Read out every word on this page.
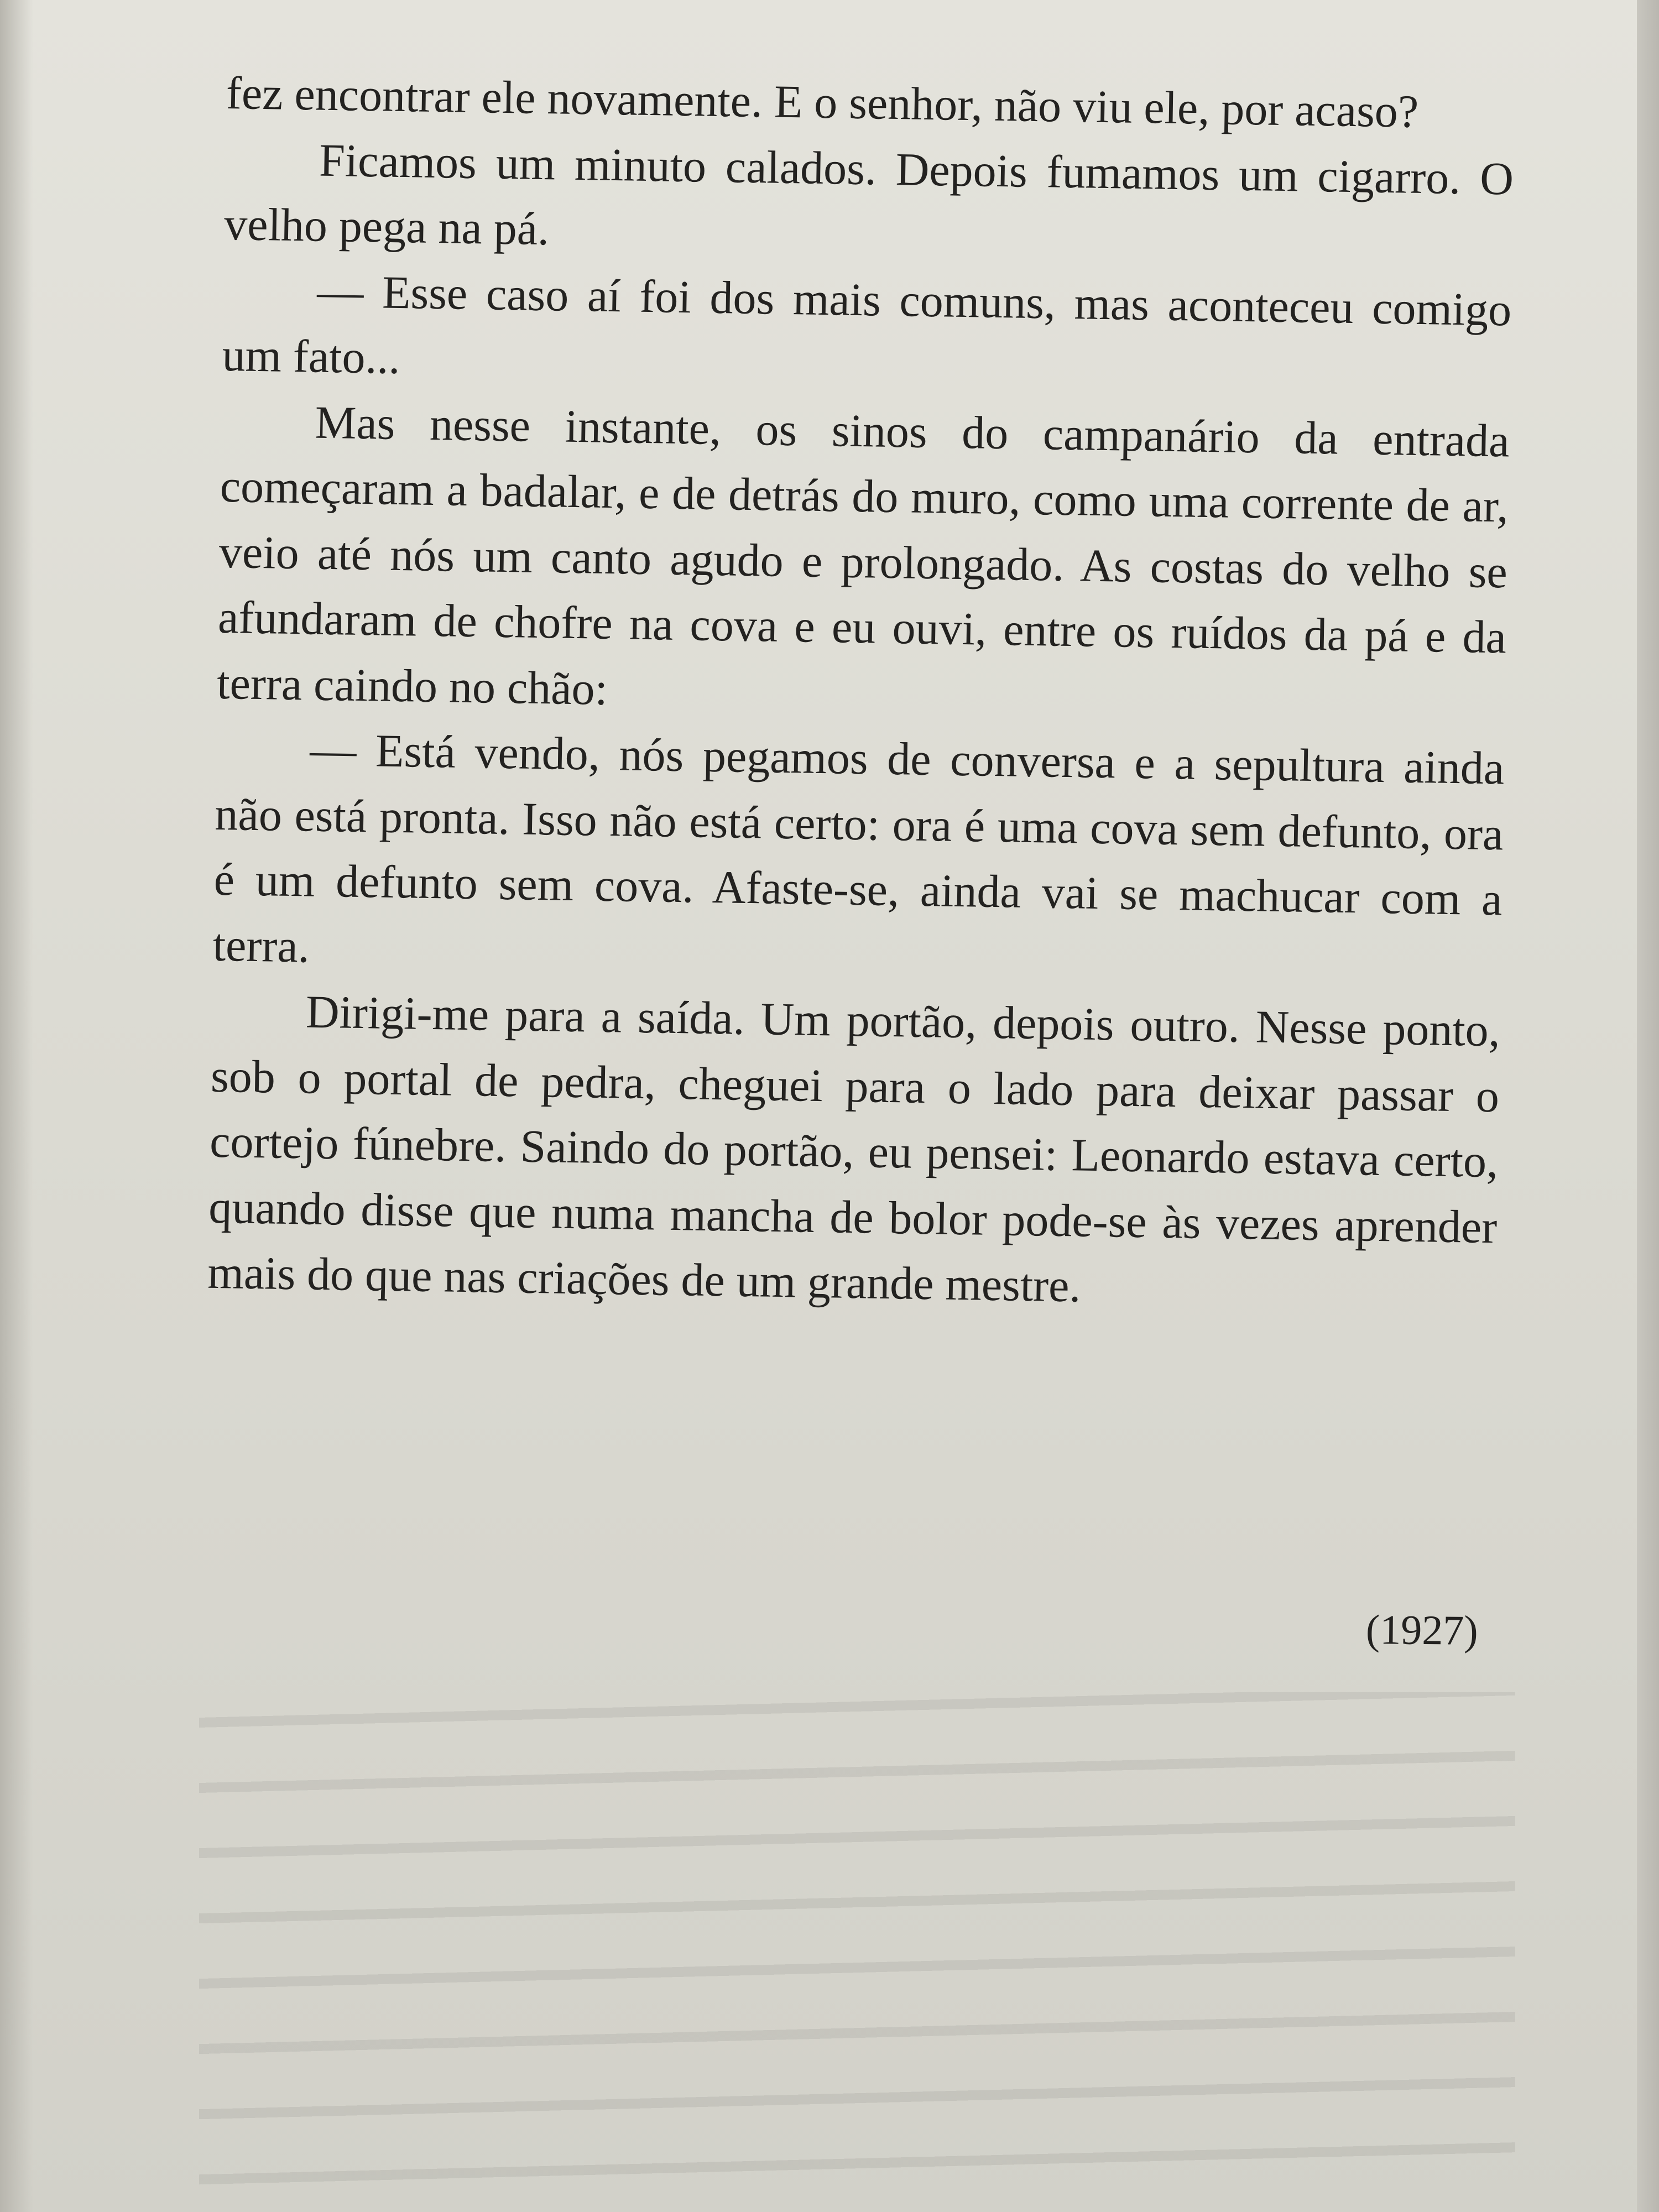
fez encontrar ele novamente. E o senhor, não viu ele, por acaso?

Ficamos um minuto calados. Depois fumamos um cigarro. O velho pega na pá.

— Esse caso aí foi dos mais comuns, mas aconteceu comigo um fato...

Mas nesse instante, os sinos do campanário da entrada começaram a badalar, e de detrás do muro, como uma corrente de ar, veio até nós um canto agudo e prolongado. As costas do velho se afundaram de chofre na cova e eu ouvi, entre os ruídos da pá e da terra caindo no chão:

— Está vendo, nós pegamos de conversa e a sepultura ainda não está pronta. Isso não está certo: ora é uma cova sem defunto, ora é um defunto sem cova. Afaste-se, ainda vai se machucar com a terra.

Dirigi-me para a saída. Um portão, depois outro. Nesse ponto, sob o portal de pedra, cheguei para o lado para deixar passar o cortejo fúnebre. Saindo do portão, eu pensei: Leonardo estava certo, quando disse que numa mancha de bolor pode-se às vezes aprender mais do que nas criações de um grande mestre.

(1927)
